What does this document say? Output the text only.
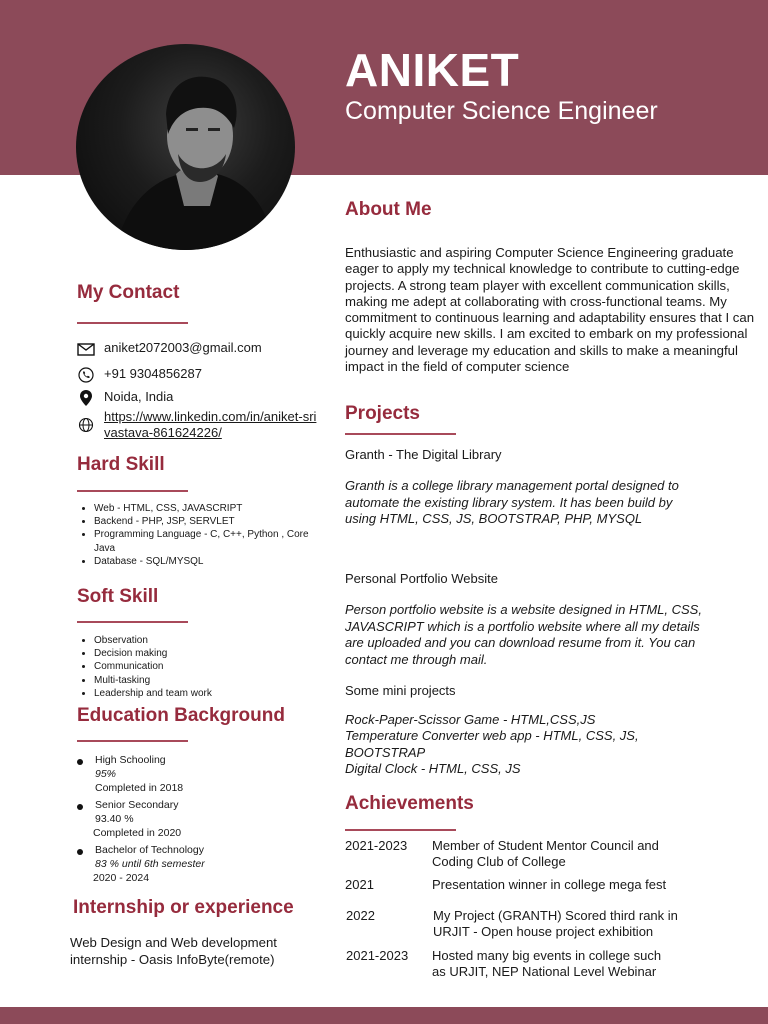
ANIKET
Computer Science Engineer
About Me

Enthusiastic and aspiring Computer Science Engineering graduate eager to apply my technical knowledge to contribute to cutting-edge projects. A strong team player with excellent communication skills, making me adept at collaborating with cross-functional teams. My commitment to continuous learning and adaptability ensures that I can quickly acquire new skills. I am excited to embark on my professional journey and leverage my education and skills to make a meaningful impact in the field of computer science

My Contact
aniket2072003@gmail.com
+91 9304856287
Noida, India
https://www.linkedin.com/in/aniket-srivastava-861624226/
Hard Skill
• Web - HTML, CSS, JAVASCRIPT
• Backend - PHP, JSP, SERVLET
• Programming Language - C, C++, Python , Core Java
• Database - SQL/MYSQL
Soft Skill
• Observation
• Decision making
• Communication
• Multi-tasking
• Leadership and team work
Education Background
High Schooling
95%
Completed in 2018
Senior Secondary
93.40 %
Completed in 2020
Bachelor of Technology
83 % until 6th semester
2020 - 2024
Internship or experience

Web Design and Web development internship - Oasis InfoByte(remote)

Projects
Granth - The Digital Library
Granth is a college library management portal designed to automate the existing library system. It has been build by using HTML, CSS, JS, BOOTSTRAP, PHP, MYSQL
Personal Portfolio Website
Person portfolio website is a website designed in HTML, CSS, JAVASCRIPT which is a portfolio website where all my details are uploaded and you can download resume from it. You can contact me through mail.
Some mini projects
Rock-Paper-Scissor Game - HTML,CSS,JS
Temperature Converter web app - HTML, CSS, JS, BOOTSTRAP
Digital Clock - HTML, CSS, JS
Achievements
2021-2023 Member of Student Mentor Council and Coding Club of College
2021	Presentation winner in college mega fest
2022	My Project (GRANTH) Scored third rank in URJIT - Open house project exhibition
2021-2023 Hosted many big events in college such as URJIT, NEP National Level Webinar
